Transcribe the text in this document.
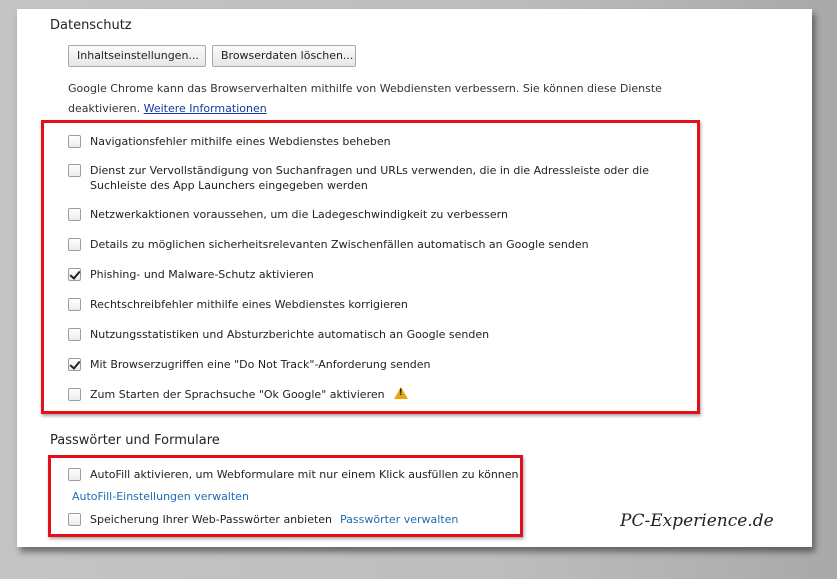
Datenschutz
Inhaltseinstellungen...	Browserdaten löschen...
Google Chrome kann das Browserverhalten mithilfe von Webdiensten verbessern. Sie können diese Dienste deaktivieren. Weitere Informationen
Navigationsfehler mithilfe eines Webdienstes beheben
Dienst zur Vervollständigung von Suchanfragen und URLs verwenden, die in die Adressleiste oder die Suchleiste des App Launchers eingegeben werden
Netzwerkaktionen voraussehen, um die Ladegeschwindigkeit zu verbessern
Details zu möglichen sicherheitsrelevanten Zwischenfällen automatisch an Google senden
Phishing- und Malware-Schutz aktivieren
Rechtschreibfehler mithilfe eines Webdienstes korrigieren
Nutzungsstatistiken und Absturzberichte automatisch an Google senden
Mit Browserzugriffen eine "Do Not Track"-Anforderung senden
Zum Starten der Sprachsuche "Ok Google" aktivieren
!
Passwörter und Formulare
AutoFill aktivieren, um Webformulare mit nur einem Klick ausfüllen zu können
AutoFill-Einstellungen verwalten
Speicherung Ihrer Web-Passwörter anbieten Passwörter verwalten	PC-Experience.de
